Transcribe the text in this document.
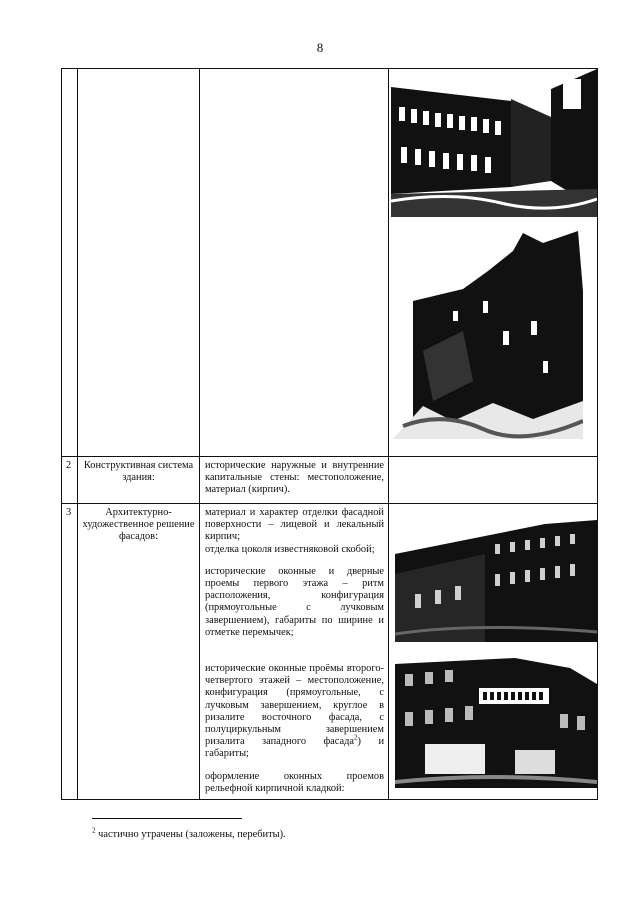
8

2	Конструктивная система здания:	исторические наружные и внутренние капитальные стены: местоположение, материал (кирпич).	

3	Архитектурно-художественное решение фасадов:	материал и характер отделки фасадной поверхности – лицевой и лекальный кирпич;
отделка цоколя известняковой скобой;
исторические оконные и дверные проемы первого этажа – ритм расположения, конфигурация (прямоугольные с лучковым завершением), габариты по ширине и отметке перемычек;
исторические оконные проёмы второго-четвертого этажей – местоположение, конфигурация (прямоугольные, с лучковым завершением, круглое в ризалите восточного фасада, с полуциркульным завершением ризалита западного фасада$^2$) и габариты;
оформление оконных проемов рельефной кирпичной кладкой:

$^2$ частично утрачены (заложены, перебиты).
